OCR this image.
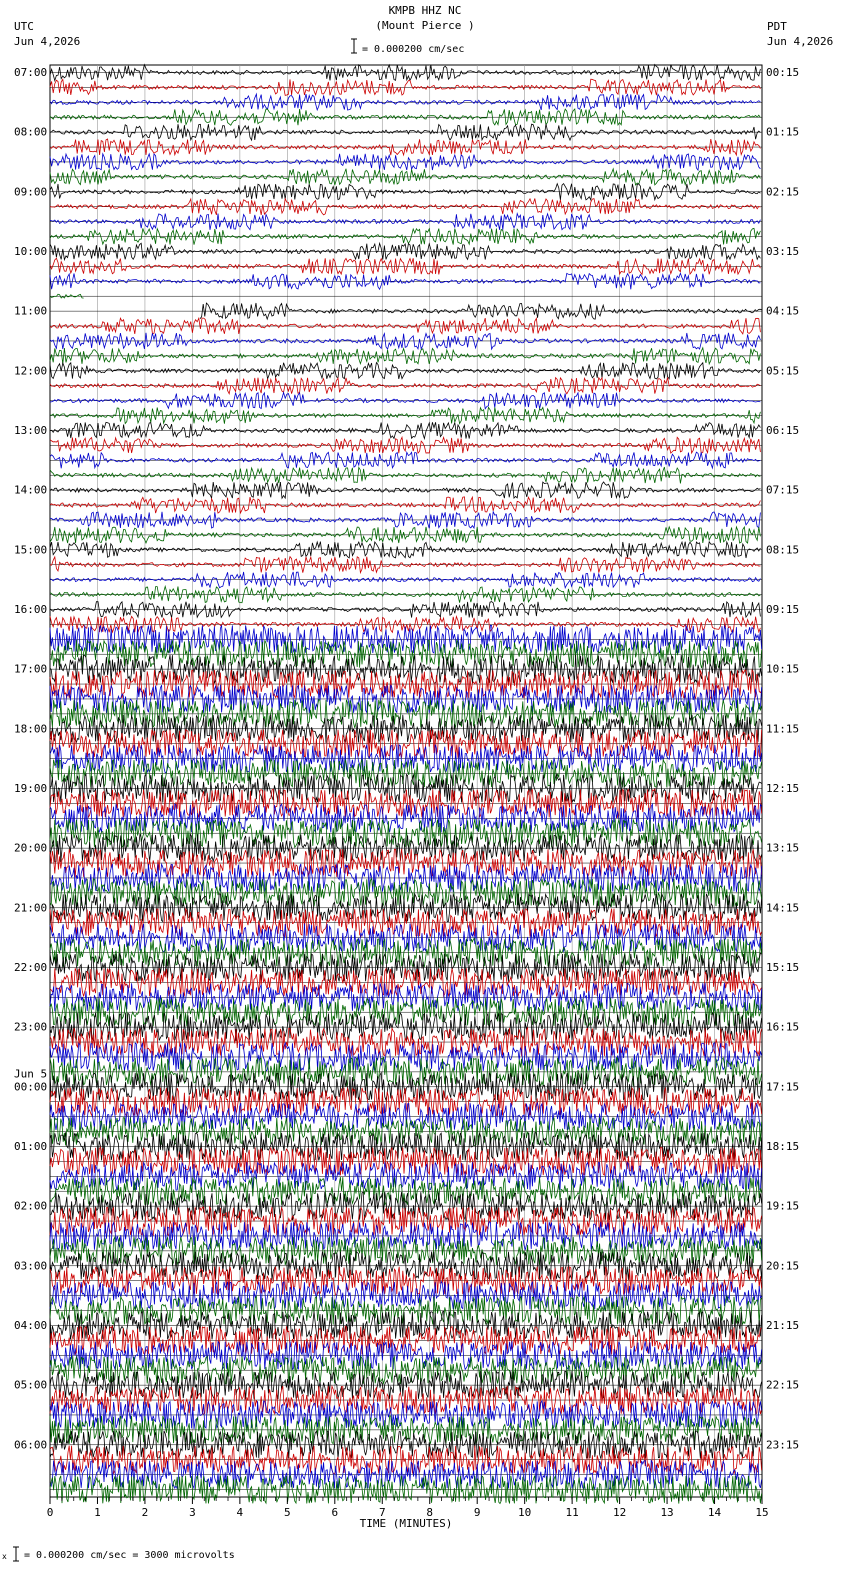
KMPB HHZ NC
(Mount Pierce )
= 0.000200 cm/sec
UTC
Jun 4,2026
PDT
Jun 4,2026
07:00	00:15
08:00	01:15
09:00	02:15
10:00	03:15
11:00	04:15
12:00	05:15
13:00	06:15
14:00	07:15
15:00	08:15
16:00	09:15
17:00	10:15
18:00	11:15
19:00	12:15
20:00	13:15
21:00	14:15
22:00	15:15
23:00	16:15
00:00	17:15
01:00	18:15
02:00	19:15
03:00	20:15
04:00	21:15
05:00	22:15
06:00	23:15
Jun 5
0	1	2	3	4	5	6	7	8	9	10	11	12	13	14	15
TIME (MINUTES)
x = 0.000200 cm/sec = 3000 microvolts
